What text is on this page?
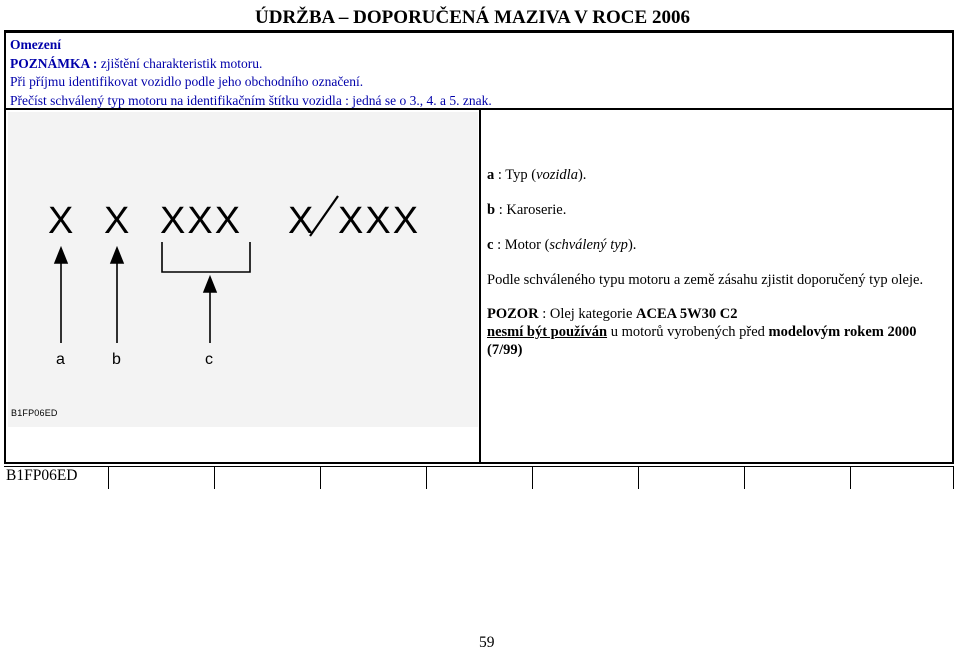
ÚDRŽBA – DOPORUČENÁ MAZIVA V ROCE 2006
Omezení
POZNÁMKA : zjištění charakteristik motoru.
Při příjmu identifikovat vozidlo podle jeho obchodního označení.
Přečíst schválený typ motoru na identifikačním štítku vozidla : jedná se o 3., 4. a 5. znak.
X X XXX X XXX
a	b	c
B1FP06ED

a : Typ (vozidla).

b : Karoserie.

c : Motor (schválený typ).

Podle schváleného typu motoru a země zásahu zjistit doporučený typ oleje.

POZOR : Olej kategorie ACEA 5W30 C2
nesmí být používán u motorů vyrobených před modelovým rokem 2000 (7/99)

B1FP06ED
59
